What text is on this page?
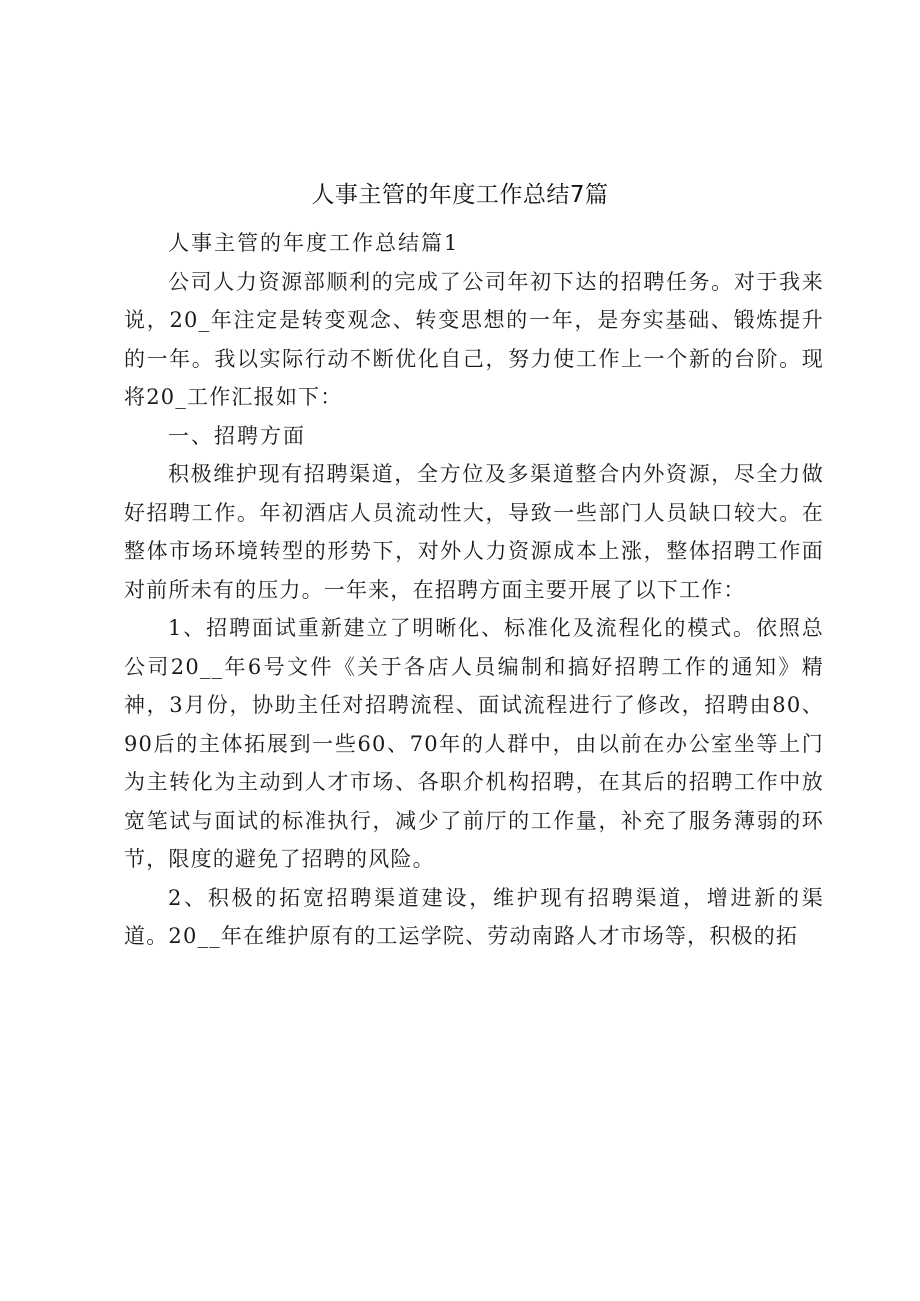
人事主管的年度工作总结7篇

人事主管的年度工作总结篇1

公司人力资源部顺利的完成了公司年初下达的招聘任务。对于我来说，20_年注定是转变观念、转变思想的一年，是夯实基础、锻炼提升的一年。我以实际行动不断优化自己，努力使工作上一个新的台阶。现将20_工作汇报如下：

一、招聘方面

积极维护现有招聘渠道，全方位及多渠道整合内外资源，尽全力做好招聘工作。年初酒店人员流动性大，导致一些部门人员缺口较大。在整体市场环境转型的形势下，对外人力资源成本上涨，整体招聘工作面对前所未有的压力。一年来，在招聘方面主要开展了以下工作：

1、招聘面试重新建立了明晰化、标准化及流程化的模式。依照总公司20__年6号文件《关于各店人员编制和搞好招聘工作的通知》精神，3月份，协助主任对招聘流程、面试流程进行了修改，招聘由80、90后的主体拓展到一些60、70年的人群中，由以前在办公室坐等上门为主转化为主动到人才市场、各职介机构招聘，在其后的招聘工作中放宽笔试与面试的标准执行，减少了前厅的工作量，补充了服务薄弱的环节，限度的避免了招聘的风险。

2、积极的拓宽招聘渠道建设，维护现有招聘渠道，增进新的渠道。20__年在维护原有的工运学院、劳动南路人才市场等，积极的拓
